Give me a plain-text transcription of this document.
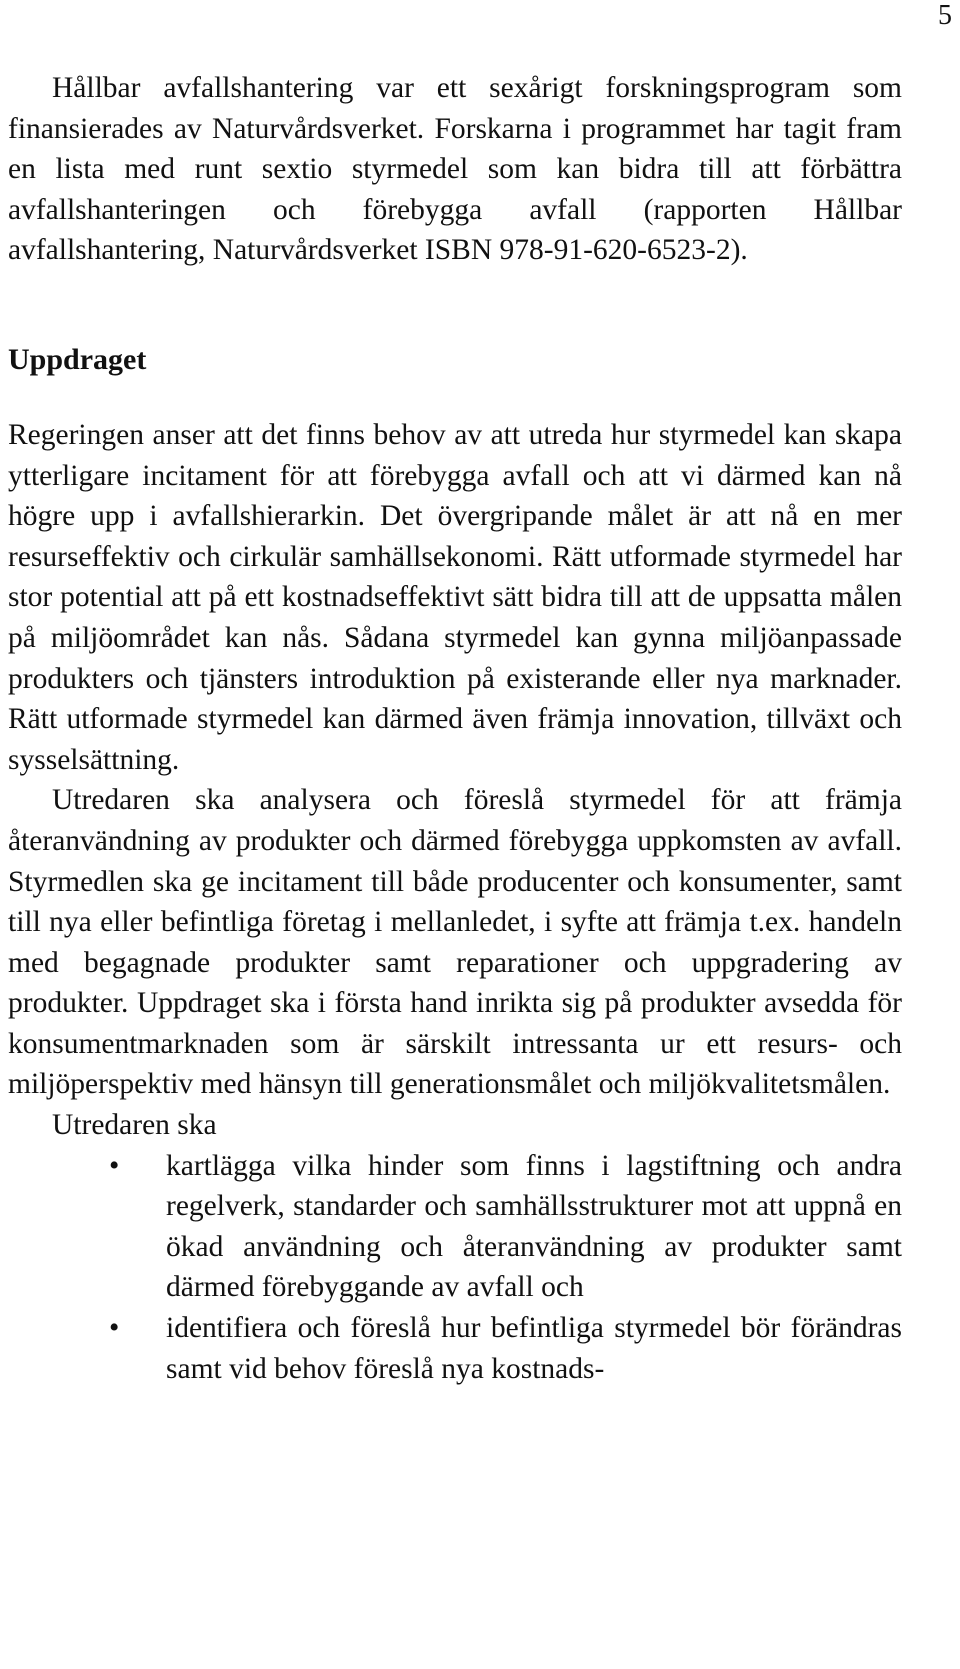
5

Hållbar avfallshantering var ett sexårigt forskningsprogram som finansierades av Naturvårdsverket. Forskarna i programmet har tagit fram en lista med runt sextio styrmedel som kan bidra till att förbättra avfallshanteringen och förebygga avfall (rapporten Hållbar avfallshantering, Naturvårdsverket ISBN 978-91-​620-6523-2).

Uppdraget

Regeringen anser att det finns behov av att utreda hur styrmedel kan skapa ytterligare incitament för att förebygga avfall och att vi därmed kan nå högre upp i avfallshierarkin. Det övergripande målet är att nå en mer resurseffektiv och cirkulär samhällsekonomi. Rätt utformade styrmedel har stor potential att på ett kostnadseffektivt sätt bidra till att de uppsatta målen på miljöområdet kan nås. Sådana styrmedel kan gynna miljöanpassade produkters och tjänsters introduktion på existerande eller nya marknader. Rätt utformade styrmedel kan därmed även främja innovation, tillväxt och sysselsättning.

Utredaren ska analysera och föreslå styrmedel för att främja återanvändning av produkter och därmed förebygga uppkomsten av avfall. Styrmedlen ska ge incitament till både producenter och konsumenter, samt till nya eller befintliga företag i mellanledet, i syfte att främja t.ex. handeln med begagnade produkter samt reparationer och uppgradering av produkter. Uppdraget ska i första hand inrikta sig på produkter avsedda för konsumentmarknaden som är särskilt intressanta ur ett resurs- och miljöperspektiv med hänsyn till generationsmålet och miljökvalitetsmålen.

Utredaren ska

• kartlägga vilka hinder som finns i lagstiftning och andra regelverk, standarder och samhällsstrukturer mot att uppnå en ökad användning och återanvändning av produkter samt därmed förebyggande av avfall och
• identifiera och föreslå hur befintliga styrmedel bör förändras samt vid behov föreslå nya kostnads-
